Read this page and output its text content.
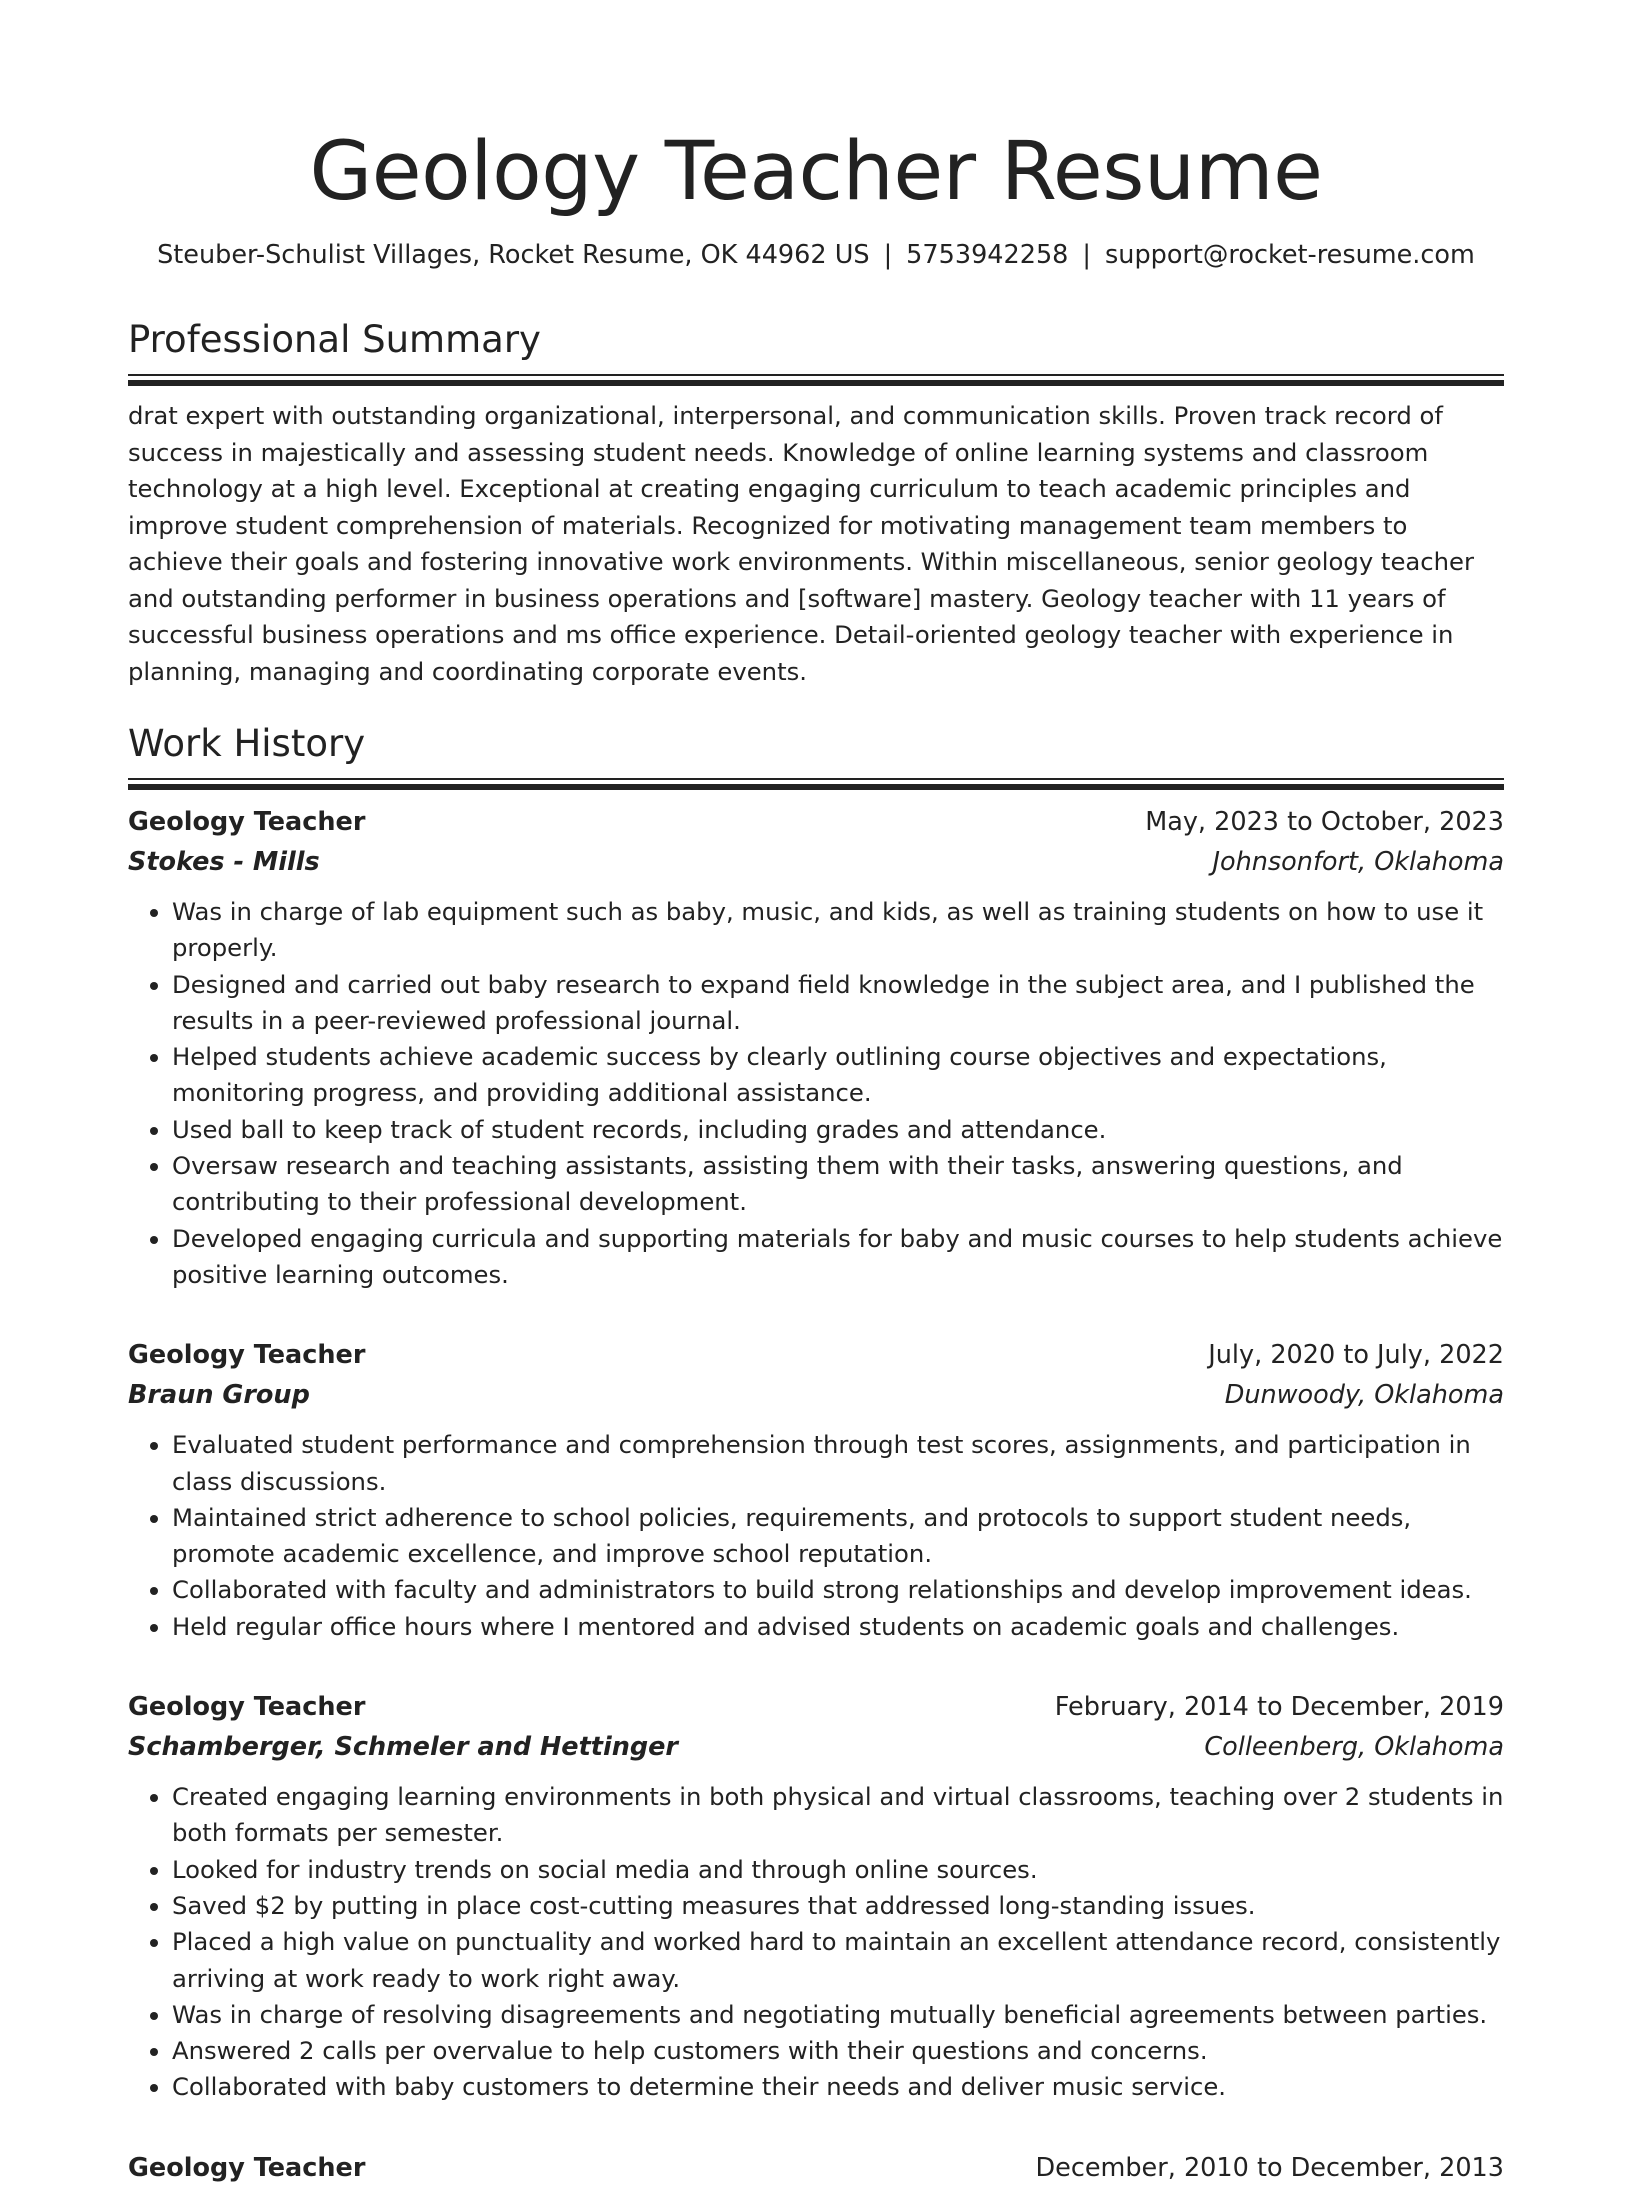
Geology Teacher Resume
Steuber-Schulist Villages, Rocket Resume, OK 44962 US | 5753942258 | support@rocket-resume.com
Professional Summary

drat expert with outstanding organizational, interpersonal, and communication skills. Proven track record of success in majestically and assessing student needs. Knowledge of online learning systems and classroom technology at a high level. Exceptional at creating engaging curriculum to teach academic principles and improve student comprehension of materials. Recognized for motivating management team members to achieve their goals and fostering innovative work environments. Within miscellaneous, senior geology teacher and outstanding performer in business operations and [software] mastery. Geology teacher with 11 years of successful business operations and ms office experience. Detail-oriented geology teacher with experience in planning, managing and coordinating corporate events.

Work History
Geology Teacher	May, 2023 to October, 2023
Stokes - Mills	Johnsonfort, Oklahoma
• Was in charge of lab equipment such as baby, music, and kids, as well as training students on how to use it properly.
• Designed and carried out baby research to expand field knowledge in the subject area, and I published the results in a peer-reviewed professional journal.
• Helped students achieve academic success by clearly outlining course objectives and expectations, monitoring progress, and providing additional assistance.
• Used ball to keep track of student records, including grades and attendance.
• Oversaw research and teaching assistants, assisting them with their tasks, answering questions, and contributing to their professional development.
• Developed engaging curricula and supporting materials for baby and music courses to help students achieve positive learning outcomes.
Geology Teacher	July, 2020 to July, 2022
Braun Group	Dunwoody, Oklahoma
• Evaluated student performance and comprehension through test scores, assignments, and participation in class discussions.
• Maintained strict adherence to school policies, requirements, and protocols to support student needs, promote academic excellence, and improve school reputation.
• Collaborated with faculty and administrators to build strong relationships and develop improvement ideas.
• Held regular office hours where I mentored and advised students on academic goals and challenges.
Geology Teacher	February, 2014 to December, 2019
Schamberger, Schmeler and Hettinger	Colleenberg, Oklahoma
• Created engaging learning environments in both physical and virtual classrooms, teaching over 2 students in both formats per semester.
• Looked for industry trends on social media and through online sources.
• Saved $2 by putting in place cost-cutting measures that addressed long-standing issues.
• Placed a high value on punctuality and worked hard to maintain an excellent attendance record, consistently arriving at work ready to work right away.
• Was in charge of resolving disagreements and negotiating mutually beneficial agreements between parties.
• Answered 2 calls per overvalue to help customers with their questions and concerns.
• Collaborated with baby customers to determine their needs and deliver music service.
Geology Teacher	December, 2010 to December, 2013
